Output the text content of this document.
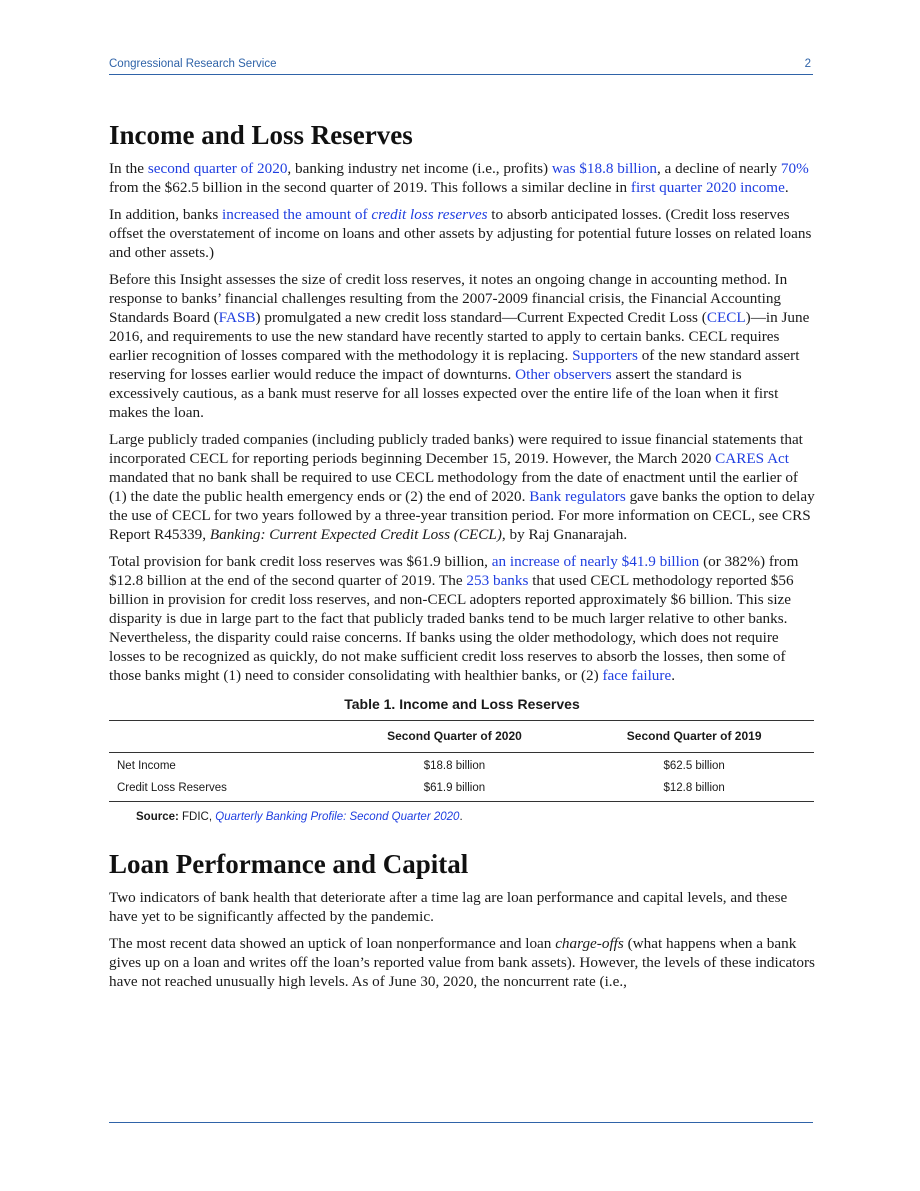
Congressional Research Service	2
Income and Loss Reserves

In the second quarter of 2020, banking industry net income (i.e., profits) was $18.8 billion, a decline of nearly 70% from the $62.5 billion in the second quarter of 2019. This follows a similar decline in first quarter 2020 income.

In addition, banks increased the amount of credit loss reserves to absorb anticipated losses. (Credit loss reserves offset the overstatement of income on loans and other assets by adjusting for potential future losses on related loans and other assets.)

Before this Insight assesses the size of credit loss reserves, it notes an ongoing change in accounting method. In response to banks’ financial challenges resulting from the 2007-2009 financial crisis, the Financial Accounting Standards Board (FASB) promulgated a new credit loss standard—Current Expected Credit Loss (CECL)—in June 2016, and requirements to use the new standard have recently started to apply to certain banks. CECL requires earlier recognition of losses compared with the methodology it is replacing. Supporters of the new standard assert reserving for losses earlier would reduce the impact of downturns. Other observers assert the standard is excessively cautious, as a bank must reserve for all losses expected over the entire life of the loan when it first makes the loan.

Large publicly traded companies (including publicly traded banks) were required to issue financial statements that incorporated CECL for reporting periods beginning December 15, 2019. However, the March 2020 CARES Act mandated that no bank shall be required to use CECL methodology from the date of enactment until the earlier of (1) the date the public health emergency ends or (2) the end of 2020. Bank regulators gave banks the option to delay the use of CECL for two years followed by a three-year transition period. For more information on CECL, see CRS Report R45339, Banking: Current Expected Credit Loss (CECL), by Raj Gnanarajah.

Total provision for bank credit loss reserves was $61.9 billion, an increase of nearly $41.9 billion (or 382%) from $12.8 billion at the end of the second quarter of 2019. The 253 banks that used CECL methodology reported $56 billion in provision for credit loss reserves, and non-CECL adopters reported approximately $6 billion. This size disparity is due in large part to the fact that publicly traded banks tend to be much larger relative to other banks. Nevertheless, the disparity could raise concerns. If banks using the older methodology, which does not require losses to be recognized as quickly, do not make sufficient credit loss reserves to absorb the losses, then some of those banks might (1) need to consider consolidating with healthier banks, or (2) face failure.

Table 1. Income and Loss Reserves
	Second Quarter of 2020	Second Quarter of 2019
Net Income	$18.8 billion	$62.5 billion
Credit Loss Reserves	$61.9 billion	$12.8 billion
Source: FDIC, Quarterly Banking Profile: Second Quarter 2020.
Loan Performance and Capital

Two indicators of bank health that deteriorate after a time lag are loan performance and capital levels, and these have yet to be significantly affected by the pandemic.

The most recent data showed an uptick of loan nonperformance and loan charge-offs (what happens when a bank gives up on a loan and writes off the loan’s reported value from bank assets). However, the levels of these indicators have not reached unusually high levels. As of June 30, 2020, the noncurrent rate (i.e.,
